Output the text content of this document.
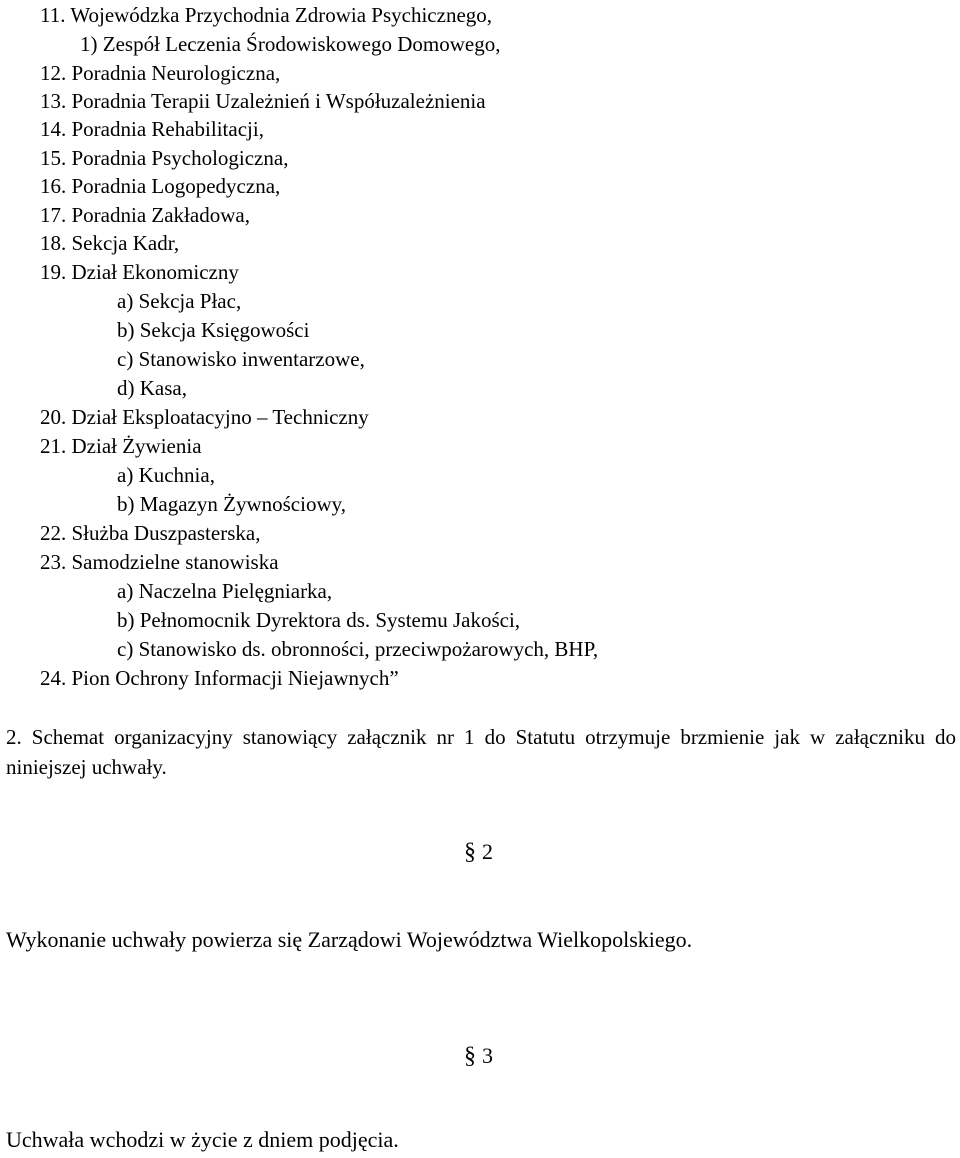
11. Wojewódzka Przychodnia Zdrowia Psychicznego,
1) Zespół Leczenia Środowiskowego Domowego,
12. Poradnia Neurologiczna,
13. Poradnia Terapii Uzależnień i Współuzależnienia
14. Poradnia Rehabilitacji,
15. Poradnia Psychologiczna,
16. Poradnia Logopedyczna,
17. Poradnia Zakładowa,
18. Sekcja Kadr,
19. Dział Ekonomiczny
a) Sekcja Płac,
b) Sekcja Księgowości
c) Stanowisko inwentarzowe,
d) Kasa,
20. Dział Eksploatacyjno – Techniczny
21. Dział Żywienia
a) Kuchnia,
b) Magazyn Żywnościowy,
22. Służba Duszpasterska,
23. Samodzielne stanowiska
a) Naczelna Pielęgniarka,
b) Pełnomocnik Dyrektora ds. Systemu Jakości,
c) Stanowisko ds. obronności, przeciwpożarowych, BHP,
24. Pion Ochrony Informacji Niejawnych”
2. Schemat organizacyjny stanowiący załącznik nr 1 do Statutu otrzymuje brzmienie jak w załączniku do niniejszej uchwały.
§ 2
Wykonanie uchwały powierza się Zarządowi Województwa Wielkopolskiego.
§ 3
Uchwała wchodzi w życie z dniem podjęcia.
